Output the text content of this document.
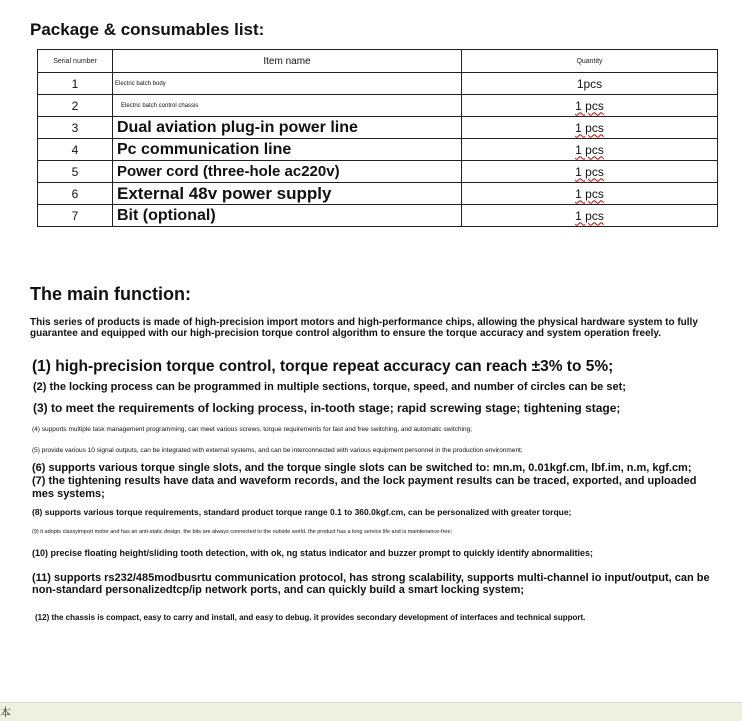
Package & consumables list:
Serial number	Item name	Quantity
1	Electric batch body	1pcs
2	Electric batch control chassis	1 pcs
3	Dual aviation plug-in power line	1 pcs
4	Pc communication line	1 pcs
5	Power cord (three-hole ac220v)	1 pcs
6	External 48v power supply	1 pcs
7	Bit (optional)	1 pcs
The main function:
This series of products is made of high-precision import motors and high-performance chips, allowing the physical hardware system to fully guarantee and equipped with our high-precision torque control algorithm to ensure the torque accuracy and system operation freely.
(1) high-precision torque control, torque repeat accuracy can reach ±3% to 5%;
(2) the locking process can be programmed in multiple sections, torque, speed, and number of circles can be set;
(3) to meet the requirements of locking process, in-tooth stage; rapid screwing stage; tightening stage;
(4) supports multiple task management programming, can meet various screws, torque requirements for fast and free switching, and automatic switching;
(5) provide various 10 signal outputs, can be integrated with external systems, and can be interconnected with various equipment personnel in the production environment;
(6) supports various torque single slots, and the torque single slots can be switched to: mn.m, 0.01kgf.cm, lbf.im, n.m, kgf.cm; (7) the tightening results have data and waveform records, and the lock payment results can be traced, exported, and uploaded mes systems;
(8) supports various torque requirements, standard product torque range 0.1 to 360.0kgf.cm, can be personalized with greater torque;
(9) it adopts classyimport motor and has an anti-static design. the bits are always connected to the outside world. the product has a long service life and is maintenance-free;
(10) precise floating height/sliding tooth detection, with ok, ng status indicator and buzzer prompt to quickly identify abnormalities;
(11) supports rs232/485modbusrtu communication protocol, has strong scalability, supports multi-channel io input/output, can be non-standard personalizedtcp/ip network ports, and can quickly build a smart locking system;
(12) the chassis is compact, easy to carry and install, and easy to debug. it provides secondary development of interfaces and technical support.
本
